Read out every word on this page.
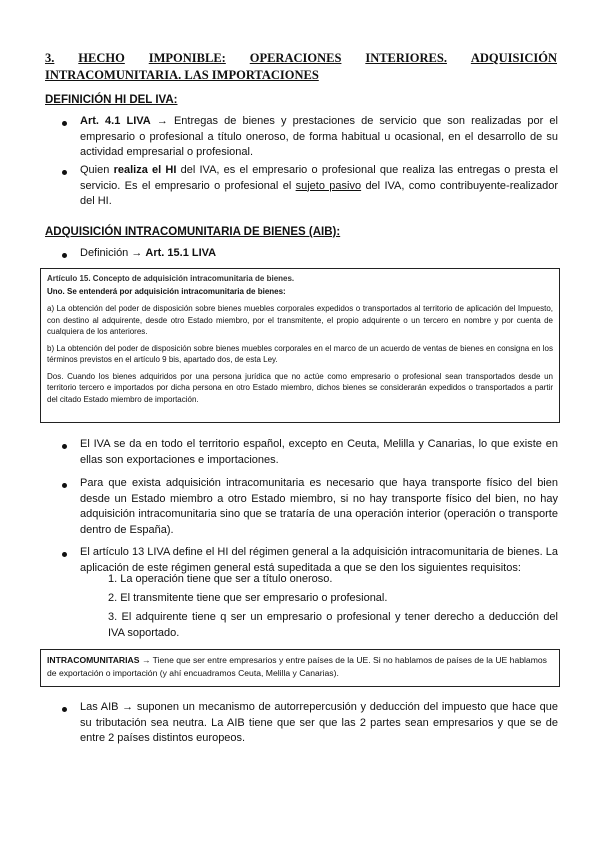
3. HECHO IMPONIBLE: OPERACIONES INTERIORES. ADQUISICIÓN
INTRACOMUNITARIA. LAS IMPORTACIONES
DEFINICIÓN HI DEL IVA:
Art. 4.1 LIVA → Entregas de bienes y prestaciones de servicio que son realizadas por el empresario o profesional a título oneroso, de forma habitual u ocasional, en el desarrollo de su actividad empresarial o profesional.
Quien realiza el HI del IVA, es el empresario o profesional que realiza las entregas o presta el servicio. Es el empresario o profesional el sujeto pasivo del IVA, como contribuyente-realizador del HI.
ADQUISICIÓN INTRACOMUNITARIA DE BIENES (AIB):
Definición → Art. 15.1 LIVA

Artículo 15. Concepto de adquisición intracomunitaria de bienes.

Uno. Se entenderá por adquisición intracomunitaria de bienes:

a) La obtención del poder de disposición sobre bienes muebles corporales expedidos o transportados al territorio de aplicación del Impuesto, con destino al adquirente, desde otro Estado miembro, por el transmitente, el propio adquirente o un tercero en nombre y por cuenta de cualquiera de los anteriores.

b) La obtención del poder de disposición sobre bienes muebles corporales en el marco de un acuerdo de ventas de bienes en consigna en los términos previstos en el artículo 9 bis, apartado dos, de esta Ley.

Dos. Cuando los bienes adquiridos por una persona jurídica que no actúe como empresario o profesional sean transportados desde un territorio tercero e importados por dicha persona en otro Estado miembro, dichos bienes se considerarán expedidos o transportados a partir del citado Estado miembro de importación.

El IVA se da en todo el territorio español, excepto en Ceuta, Melilla y Canarias, lo que existe en ellas son exportaciones e importaciones.
Para que exista adquisición intracomunitaria es necesario que haya transporte físico del bien desde un Estado miembro a otro Estado miembro, si no hay transporte físico del bien, no hay adquisición intracomunitaria sino que se trataría de una operación interior (operación o transporte dentro de España).
El artículo 13 LIVA define el HI del régimen general a la adquisición intracomunitaria de bienes. La aplicación de este régimen general está supeditada a que se den los siguientes requisitos:
1. La operación tiene que ser a título oneroso.
2. El transmitente tiene que ser empresario o profesional.
3. El adquirente tiene q ser un empresario o profesional y tener derecho a deducción del IVA soportado.
INTRACOMUNITARIAS → Tiene que ser entre empresarios y entre países de la UE. Si no hablamos de países de la UE hablamos de exportación o importación (y ahí encuadramos Ceuta, Melilla y Canarias).
Las AIB → suponen un mecanismo de autorrepercusión y deducción del impuesto que hace que su tributación sea neutra. La AIB tiene que ser que las 2 partes sean empresarios y que se de entre 2 países distintos europeos.
